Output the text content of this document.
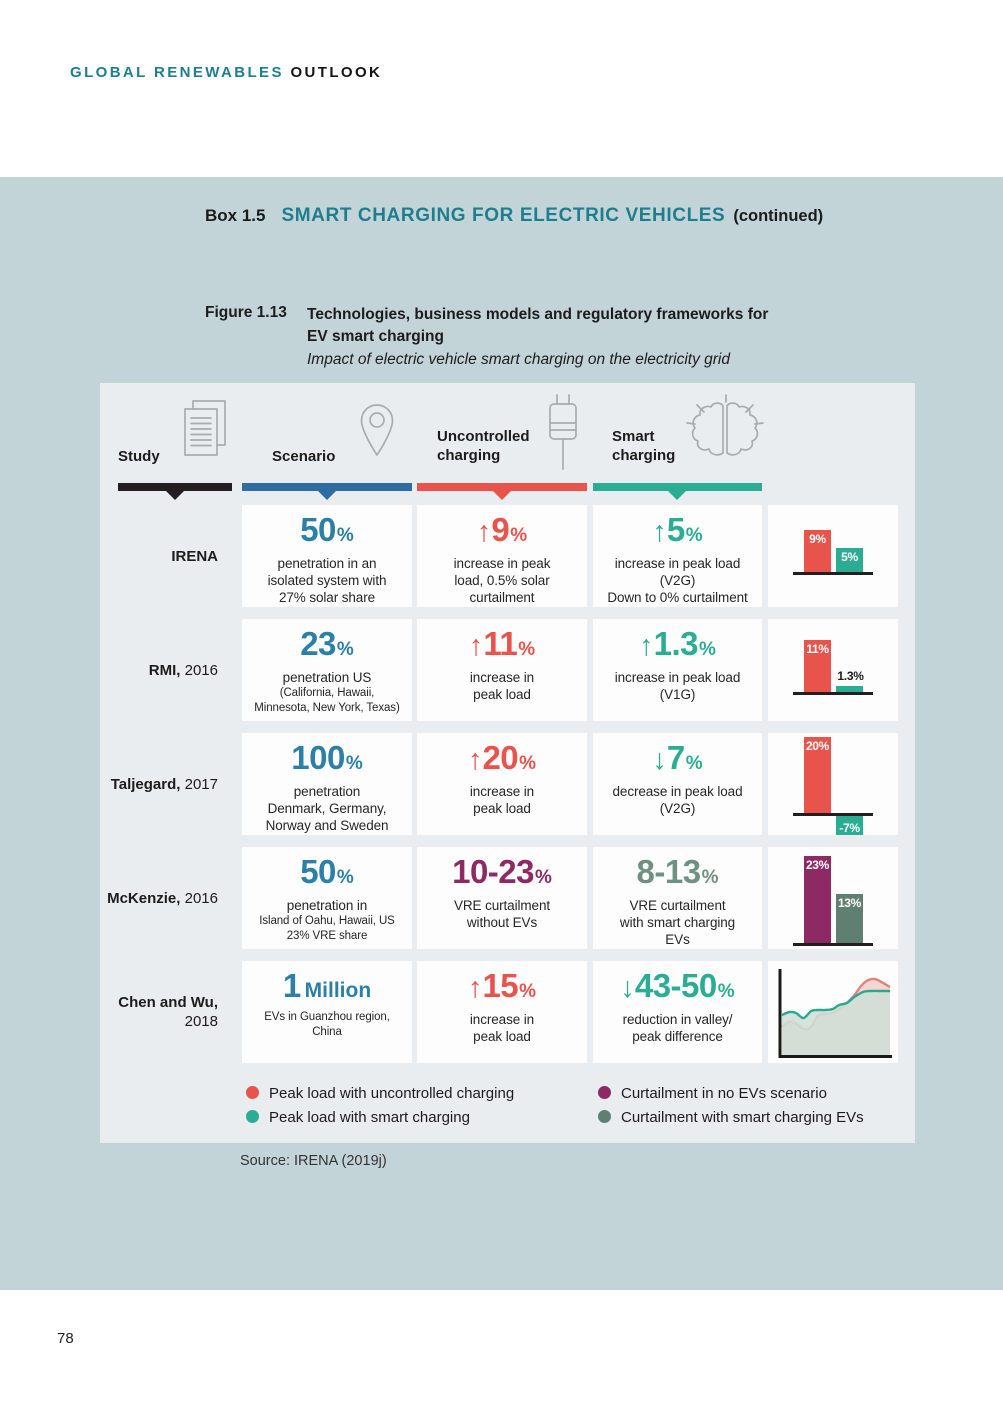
GLOBAL RENEWABLES OUTLOOK
Box 1.5 SMART CHARGING FOR ELECTRIC VEHICLES (continued)
Figure 1.13 Technologies, business models and regulatory frameworks for
EV smart charging
Impact of electric vehicle smart charging on the electricity grid
Study	Scenario
Uncontrolled charging
Smart charging
IRENA
50%
penetration in an
isolated system with
27% solar share
↑9%
increase in peak
load, 0.5% solar
curtailment
↑5%
increase in peak load
(V2G)
Down to 0% curtailment
9%
5%
RMI, 2016
23%
penetration US
(California, Hawaii,
Minnesota, New York, Texas)
↑11%
increase in
peak load
↑1.3%
increase in peak load
(V1G)
11%
1.3%
Taljegard, 2017
100%
penetration
Denmark, Germany,
Norway and Sweden
↑20%
increase in
peak load
↓7%
decrease in peak load
(V2G)
20%
-7%
McKenzie, 2016
50%
penetration in
Island of Oahu, Hawaii, US
23% VRE share
10-23%
VRE curtailment
without EVs
8-13%
VRE curtailment
with smart charging
EVs
23%
13%
Chen and Wu,
2018
1 Million
EVs in Guanzhou region,
China
↑15%
increase in
peak load
↓43-50%
reduction in valley/
peak difference
Peak load with uncontrolled charging
Peak load with smart charging
Curtailment in no EVs scenario
Curtailment with smart charging EVs
Source: IRENA (2019j)
78
